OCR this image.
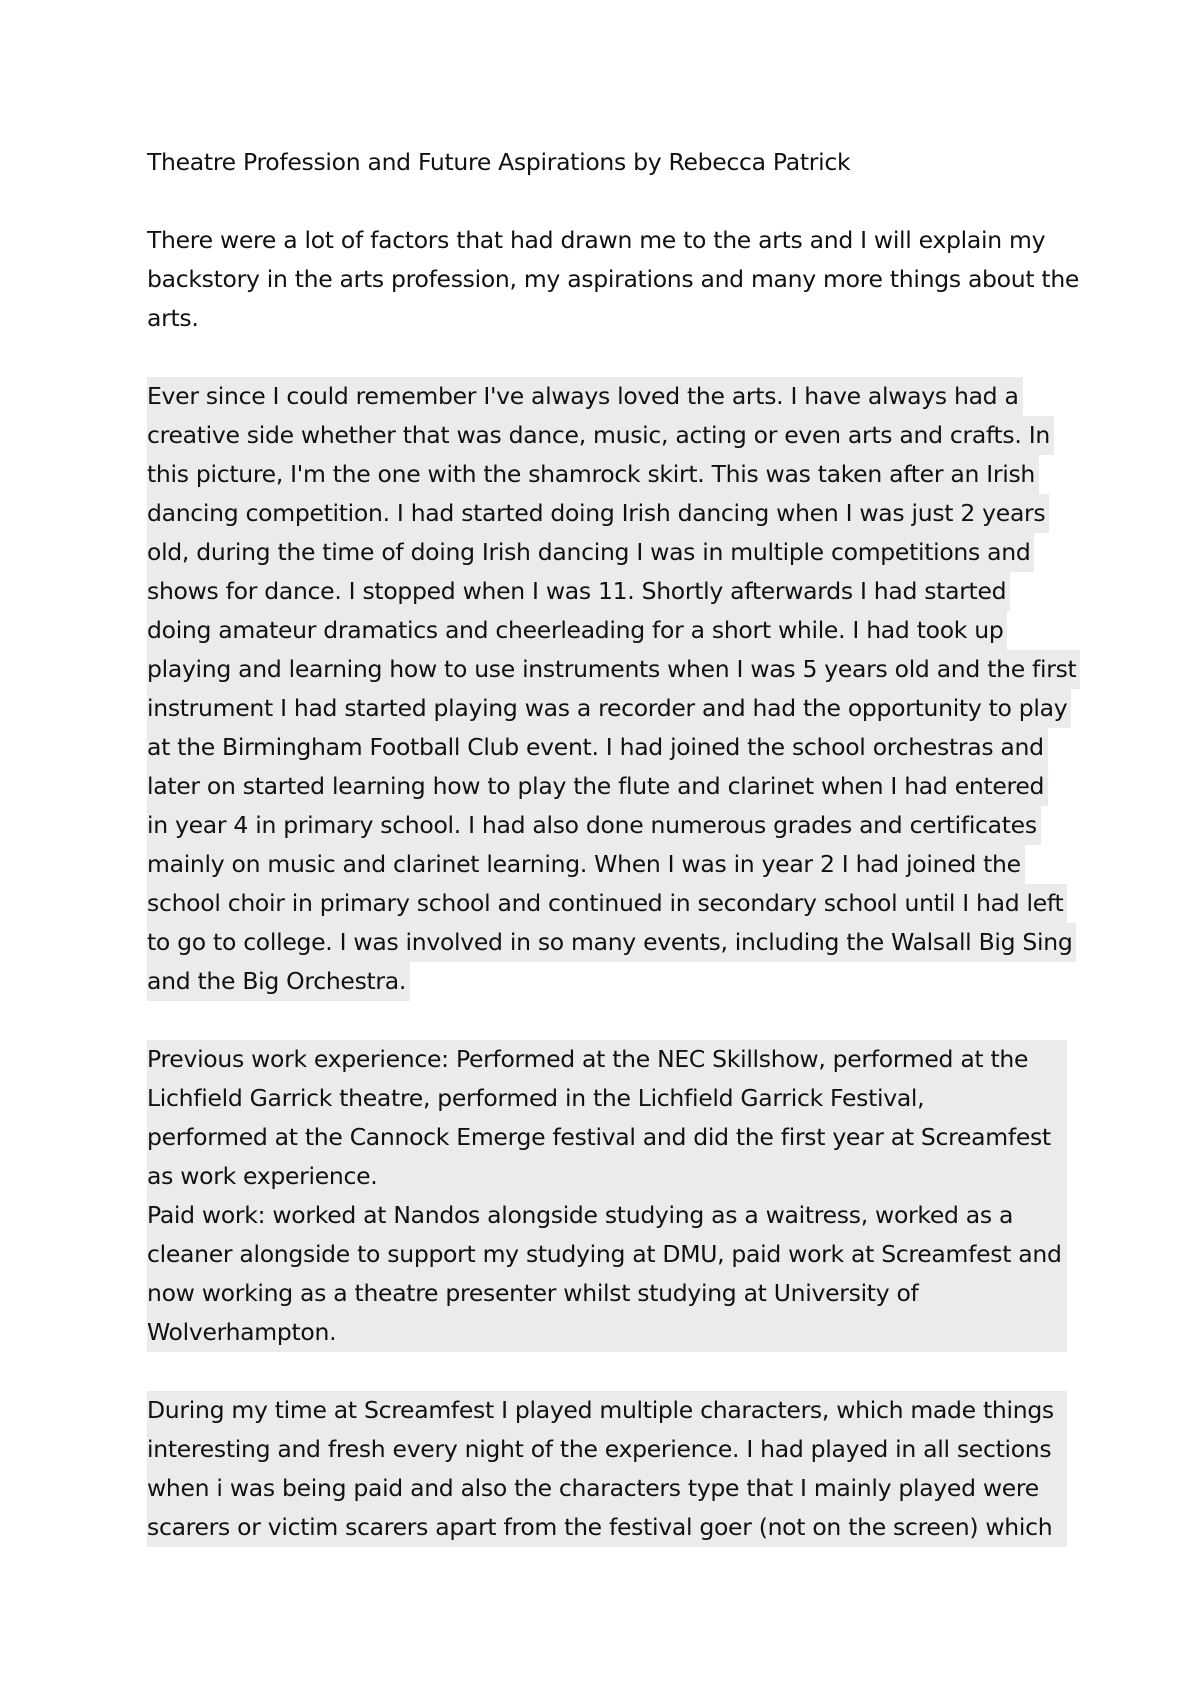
Theatre Profession and Future Aspirations by Rebecca Patrick
There were a lot of factors that had drawn me to the arts and I will explain my
backstory in the arts profession, my aspirations and many more things about the
arts.
Ever since I could remember I've always loved the arts. I have always had a
creative side whether that was dance, music, acting or even arts and crafts. In
this picture, I'm the one with the shamrock skirt. This was taken after an Irish
dancing competition. I had started doing Irish dancing when I was just 2 years
old, during the time of doing Irish dancing I was in multiple competitions and
shows for dance. I stopped when I was 11. Shortly afterwards I had started
doing amateur dramatics and cheerleading for a short while. I had took up
playing and learning how to use instruments when I was 5 years old and the first
instrument I had started playing was a recorder and had the opportunity to play
at the Birmingham Football Club event. I had joined the school orchestras and
later on started learning how to play the flute and clarinet when I had entered
in year 4 in primary school. I had also done numerous grades and certificates
mainly on music and clarinet learning. When I was in year 2 I had joined the
school choir in primary school and continued in secondary school until I had left
to go to college. I was involved in so many events, including the Walsall Big Sing
and the Big Orchestra.
Previous work experience: Performed at the NEC Skillshow, performed at the
Lichfield Garrick theatre, performed in the Lichfield Garrick Festival,
performed at the Cannock Emerge festival and did the first year at Screamfest
as work experience.
Paid work: worked at Nandos alongside studying as a waitress, worked as a
cleaner alongside to support my studying at DMU, paid work at Screamfest and
now working as a theatre presenter whilst studying at University of
Wolverhampton.
During my time at Screamfest I played multiple characters, which made things
interesting and fresh every night of the experience. I had played in all sections
when i was being paid and also the characters type that I mainly played were
scarers or victim scarers apart from the festival goer (not on the screen) which
